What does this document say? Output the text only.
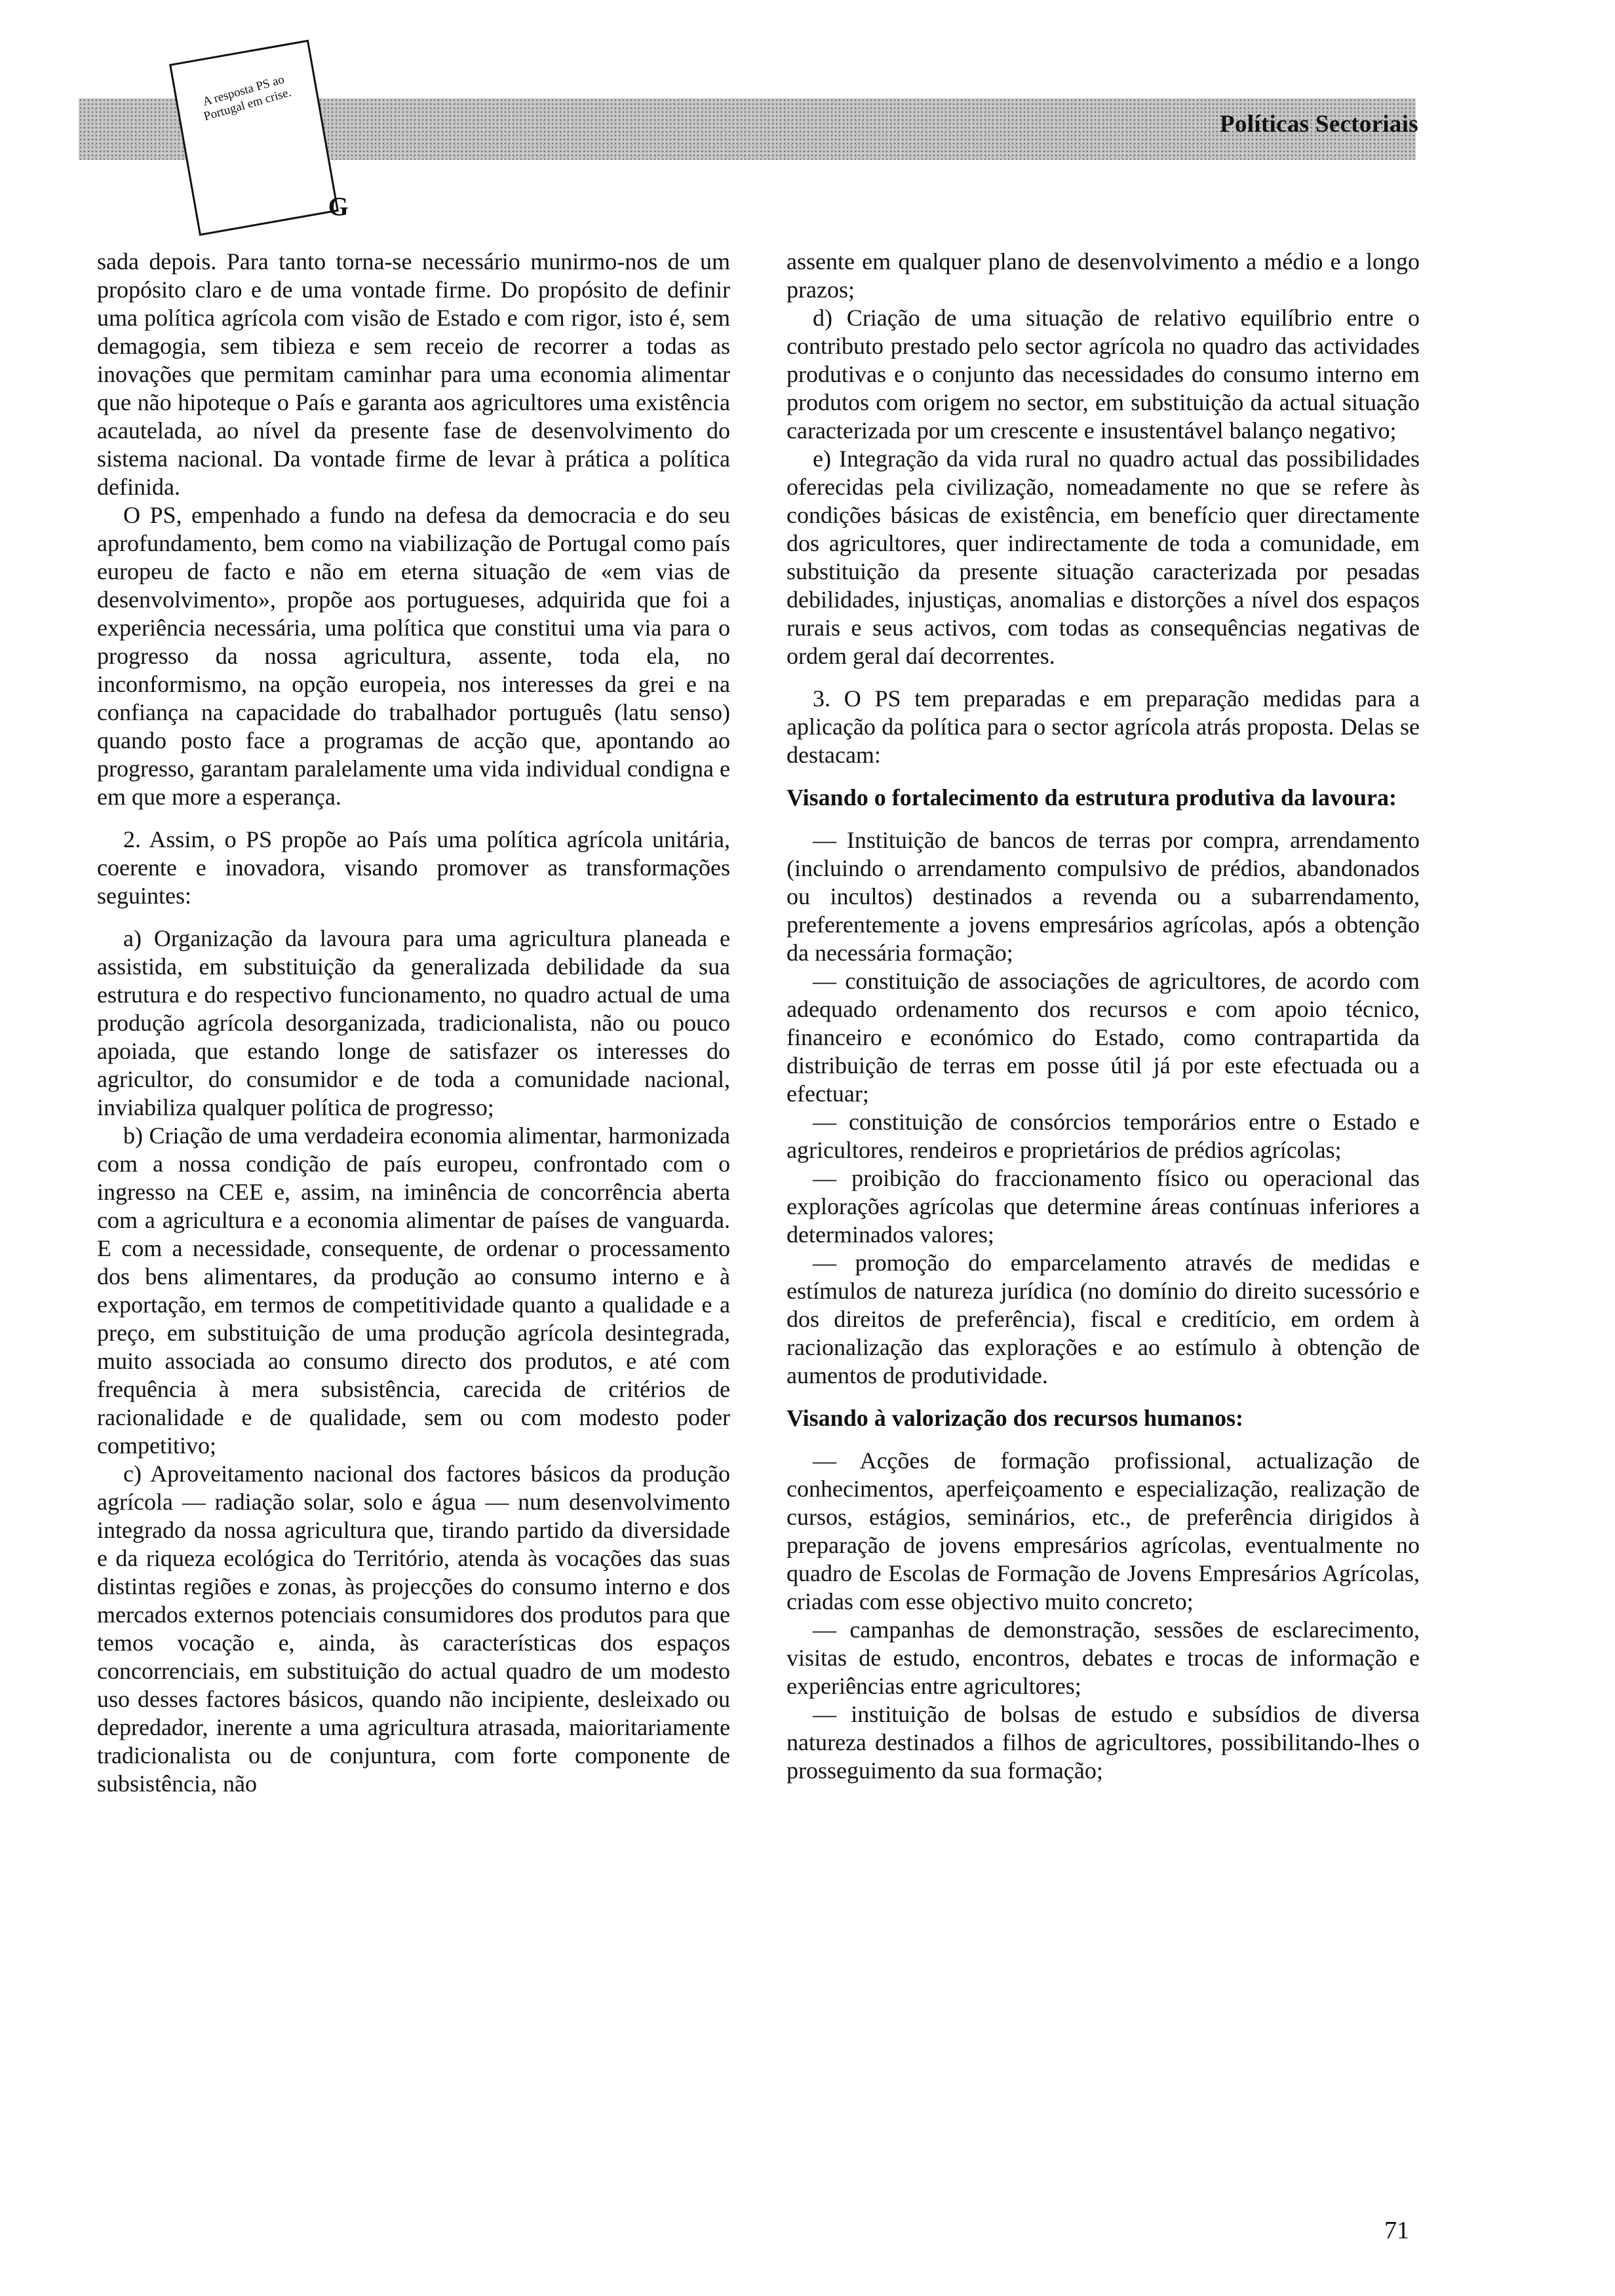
A resposta PS ao Portugal em crise.
G
Políticas Sectoriais

sada depois. Para tanto torna-se necessário munirmo-nos de um propósito claro e de uma vontade firme. Do propósito de definir uma política agrícola com visão de Estado e com rigor, isto é, sem demagogia, sem tibieza e sem receio de recorrer a todas as inovações que permitam caminhar para uma economia alimentar que não hipoteque o País e garanta aos agricultores uma existência acautelada, ao nível da presente fase de desenvolvimento do sistema nacional. Da vontade firme de levar à prática a política definida.

O PS, empenhado a fundo na defesa da democracia e do seu aprofundamento, bem como na viabilização de Portugal como país europeu de facto e não em eterna situação de «em vias de desenvolvimento», propõe aos portugueses, adquirida que foi a experiência necessária, uma política que constitui uma via para o progresso da nossa agricultura, assente, toda ela, no inconformismo, na opção europeia, nos interesses da grei e na confiança na capacidade do trabalhador português (latu senso) quando posto face a programas de acção que, apontando ao progresso, garantam paralelamente uma vida individual condigna e em que more a esperança.

2. Assim, o PS propõe ao País uma política agrícola unitária, coerente e inovadora, visando promover as transformações seguintes:

a) Organização da lavoura para uma agricultura planeada e assistida, em substituição da generalizada debilidade da sua estrutura e do respectivo funcionamento, no quadro actual de uma produção agrícola desorganizada, tradicionalista, não ou pouco apoiada, que estando longe de satisfazer os interesses do agricultor, do consumidor e de toda a comunidade nacional, inviabiliza qualquer política de progresso;

b) Criação de uma verdadeira economia alimentar, harmonizada com a nossa condição de país europeu, confrontado com o ingresso na CEE e, assim, na iminência de concorrência aberta com a agricultura e a economia alimentar de países de vanguarda. E com a necessidade, consequente, de ordenar o processamento dos bens alimentares, da produção ao consumo interno e à exportação, em termos de competitividade quanto a qualidade e a preço, em substituição de uma produção agrícola desintegrada, muito associada ao consumo directo dos produtos, e até com frequência à mera subsistência, carecida de critérios de racionalidade e de qualidade, sem ou com modesto poder competitivo;

c) Aproveitamento nacional dos factores básicos da produção agrícola — radiação solar, solo e água — num desenvolvimento integrado da nossa agricultura que, tirando partido da diversidade e da riqueza ecológica do Território, atenda às vocações das suas distintas regiões e zonas, às projecções do consumo interno e dos mercados externos potenciais consumidores dos produtos para que temos vocação e, ainda, às características dos espaços concorrenciais, em substituição do actual quadro de um modesto uso desses factores básicos, quando não incipiente, desleixado ou depredador, inerente a uma agricultura atrasada, maioritariamente tradicionalista ou de conjuntura, com forte componente de subsistência, não

assente em qualquer plano de desenvolvimento a médio e a longo prazos;

d) Criação de uma situação de relativo equilíbrio entre o contributo prestado pelo sector agrícola no quadro das actividades produtivas e o conjunto das necessidades do consumo interno em produtos com origem no sector, em substituição da actual situação caracterizada por um crescente e insustentável balanço negativo;

e) Integração da vida rural no quadro actual das possibilidades oferecidas pela civilização, nomeadamente no que se refere às condições básicas de existência, em benefício quer directamente dos agricultores, quer indirectamente de toda a comunidade, em substituição da presente situação caracterizada por pesadas debilidades, injustiças, anomalias e distorções a nível dos espaços rurais e seus activos, com todas as consequências negativas de ordem geral daí decorrentes.

3. O PS tem preparadas e em preparação medidas para a aplicação da política para o sector agrícola atrás proposta. Delas se destacam:

Visando o fortalecimento da estrutura produtiva da lavoura:

— Instituição de bancos de terras por compra, arrendamento (incluindo o arrendamento compulsivo de prédios, abandonados ou incultos) destinados a revenda ou a subarrendamento, preferentemente a jovens empresários agrícolas, após a obtenção da necessária formação;

— constituição de associações de agricultores, de acordo com adequado ordenamento dos recursos e com apoio técnico, financeiro e económico do Estado, como contrapartida da distribuição de terras em posse útil já por este efectuada ou a efectuar;

— constituição de consórcios temporários entre o Estado e agricultores, rendeiros e proprietários de prédios agrícolas;

— proibição do fraccionamento físico ou operacional das explorações agrícolas que determine áreas contínuas inferiores a determinados valores;

— promoção do emparcelamento através de medidas e estímulos de natureza jurídica (no domínio do direito sucessório e dos direitos de preferência), fiscal e creditício, em ordem à racionalização das explorações e ao estímulo à obtenção de aumentos de produtividade.

Visando à valorização dos recursos humanos:

— Acções de formação profissional, actualização de conhecimentos, aperfeiçoamento e especialização, realização de cursos, estágios, seminários, etc., de preferência dirigidos à preparação de jovens empresários agrícolas, eventualmente no quadro de Escolas de Formação de Jovens Empresários Agrícolas, criadas com esse objectivo muito concreto;

— campanhas de demonstração, sessões de esclarecimento, visitas de estudo, encontros, debates e trocas de informação e experiências entre agricultores;

— instituição de bolsas de estudo e subsídios de diversa natureza destinados a filhos de agricultores, possibilitando-lhes o prosseguimento da sua formação;

71
